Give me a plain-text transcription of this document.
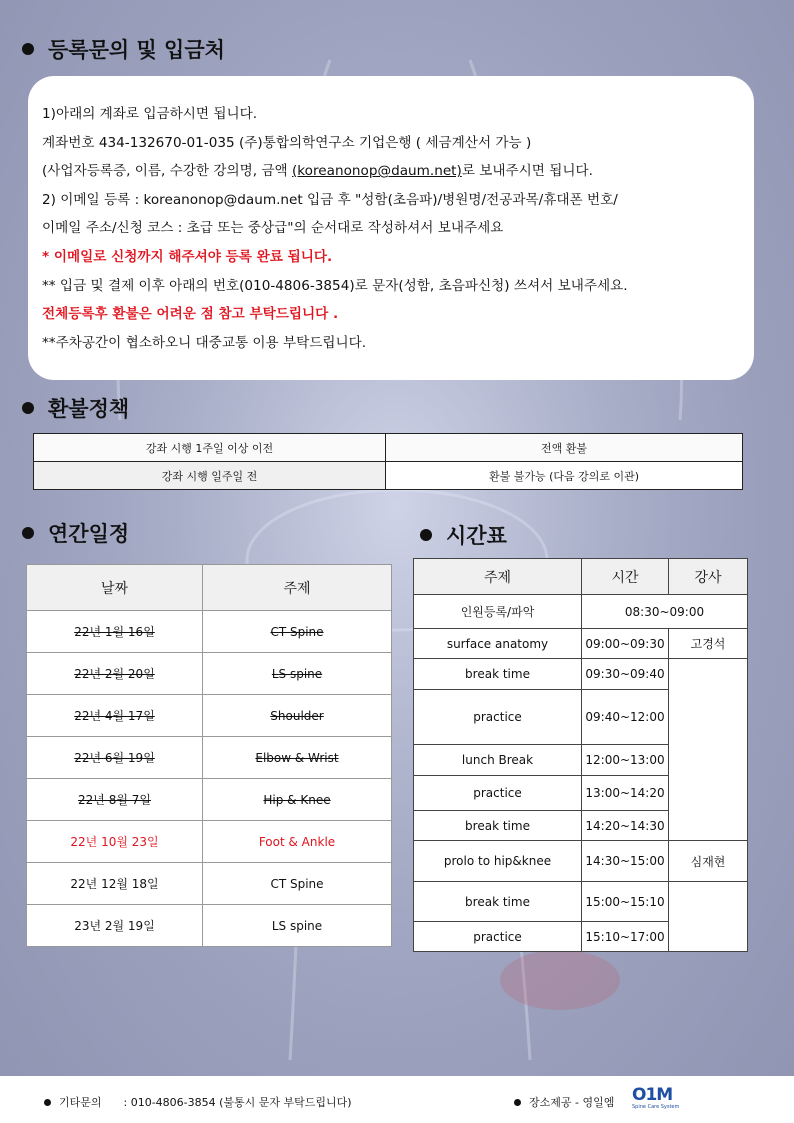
등록문의 및 입금처
1)아래의 계좌로 입금하시면 됩니다.
계좌번호 434-132670-01-035 (주)통합의학연구소 기업은행 ( 세금계산서 가능 )
(사업자등록증, 이름, 수강한 강의명, 금액 (koreanonop@daum.net)로 보내주시면 됩니다.
2) 이메일 등록 : koreanonop@daum.net 입금 후 "성함(초음파)/병원명/전공과목/휴대폰 번호/
이메일 주소/신청 코스 : 초급 또는 중상급"의 순서대로 작성하셔서 보내주세요
* 이메일로 신청까지 해주셔야 등록 완료 됩니다.
** 입금 및 결제 이후 아래의 번호(010-4806-3854)로 문자(성함, 초음파신청) 쓰셔서 보내주세요.
전체등록후 환불은 어려운 점 참고 부탁드립니다 .
**주차공간이 협소하오니 대중교통 이용 부탁드립니다.
환불정책
강좌 시행 1주일 이상 이전	전액 환불
강좌 시행 일주일 전	환불 불가능 (다음 강의로 이관)
연간일정
날짜	주제
22년 1월 16일	CT Spine
22년 2월 20일	LS spine
22년 4월 17일	Shoulder
22년 6월 19일	Elbow & Wrist
22년 8월 7일	Hip & Knee
22년 10월 23일	Foot & Ankle
22년 12월 18일	CT Spine
23년 2월 19일	LS spine
시간표
주제	시간	강사
인원등록/파악	08:30~09:00	
surface anatomy	09:00~09:30	고경석
break time	09:30~09:40	
practice	09:40~12:00	
lunch Break	12:00~13:00	
practice	13:00~14:20	
break time	14:20~14:30	
prolo to hip&knee	14:30~15:00	심재현
break time	15:00~15:10	
practice	15:10~17:00	
기타문의 : 010-4806-3854 (불통시 문자 부탁드립니다)	장소제공 - 영일엠 O1M
Spine Care System
